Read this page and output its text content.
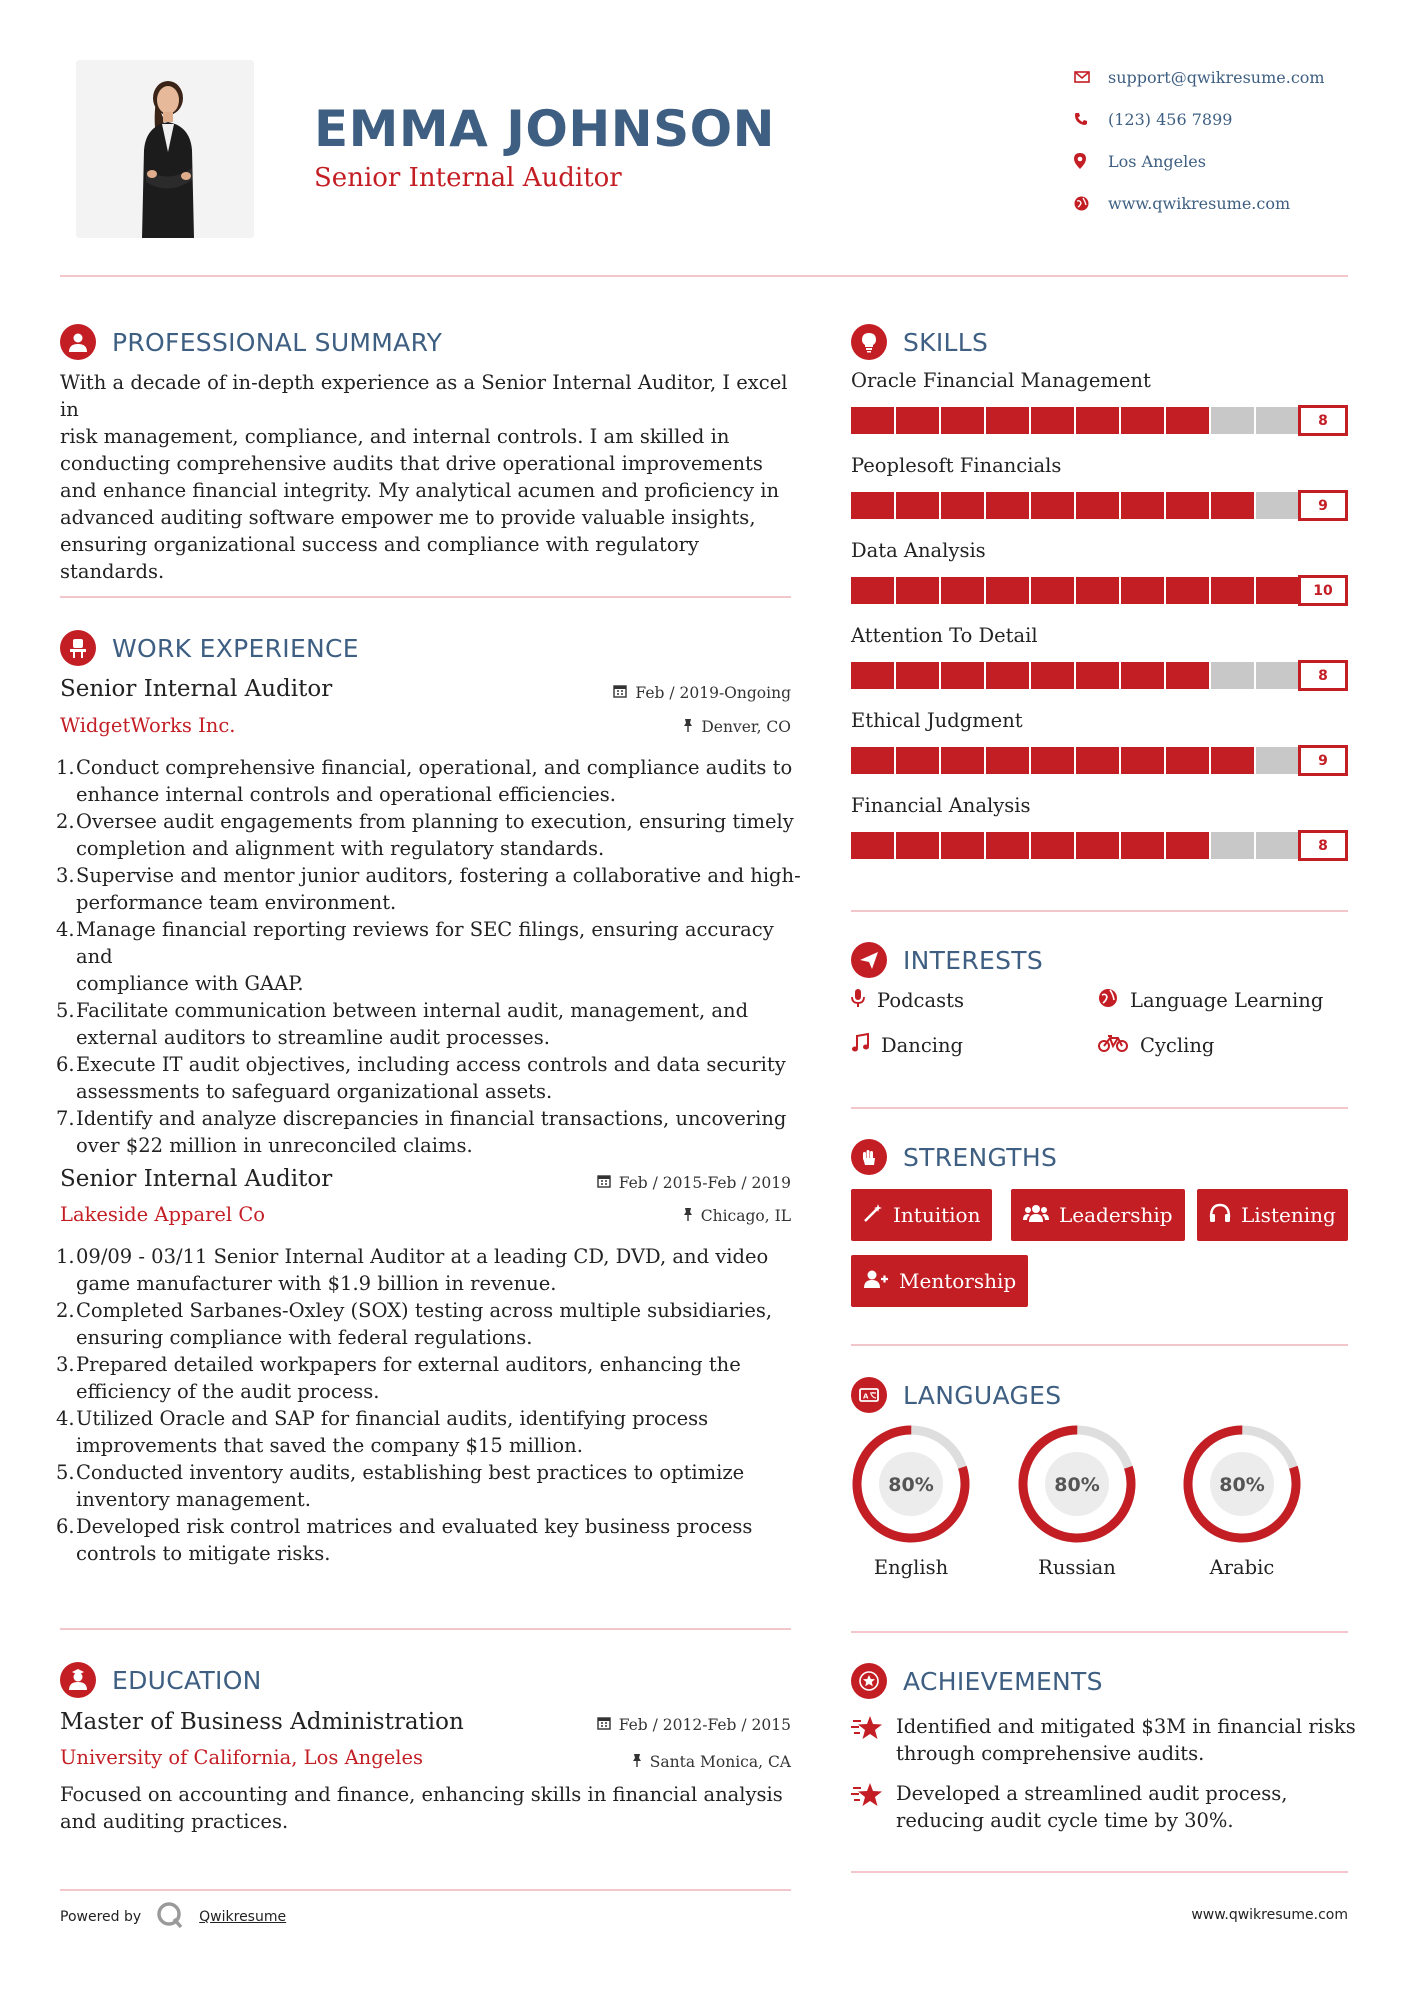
EMMA JOHNSON
Senior Internal Auditor
support@qwikresume.com
(123) 456 7899
Los Angeles
www.qwikresume.com
PROFESSIONAL SUMMARY
With a decade of in-depth experience as a Senior Internal Auditor, I excel in
risk management, compliance, and internal controls. I am skilled in
conducting comprehensive audits that drive operational improvements
and enhance financial integrity. My analytical acumen and proficiency in
advanced auditing software empower me to provide valuable insights,
ensuring organizational success and compliance with regulatory
standards.
WORK EXPERIENCE
Senior Internal Auditor	Feb / 2019-Ongoing
WidgetWorks Inc.	Denver, CO
1. Conduct comprehensive financial, operational, and compliance audits to
enhance internal controls and operational efficiencies.
2. Oversee audit engagements from planning to execution, ensuring timely
completion and alignment with regulatory standards.
3. Supervise and mentor junior auditors, fostering a collaborative and high-
performance team environment.
4. Manage financial reporting reviews for SEC filings, ensuring accuracy and
compliance with GAAP.
5. Facilitate communication between internal audit, management, and
external auditors to streamline audit processes.
6. Execute IT audit objectives, including access controls and data security
assessments to safeguard organizational assets.
7. Identify and analyze discrepancies in financial transactions, uncovering
over $22 million in unreconciled claims.
Senior Internal Auditor	Feb / 2015-Feb / 2019
Lakeside Apparel Co	Chicago, IL
1. 09/09 - 03/11 Senior Internal Auditor at a leading CD, DVD, and video
game manufacturer with $1.9 billion in revenue.
2. Completed Sarbanes-Oxley (SOX) testing across multiple subsidiaries,
ensuring compliance with federal regulations.
3. Prepared detailed workpapers for external auditors, enhancing the
efficiency of the audit process.
4. Utilized Oracle and SAP for financial audits, identifying process
improvements that saved the company $15 million.
5. Conducted inventory audits, establishing best practices to optimize
inventory management.
6. Developed risk control matrices and evaluated key business process
controls to mitigate risks.
EDUCATION
Master of Business Administration	Feb / 2012-Feb / 2015
University of California, Los Angeles	Santa Monica, CA
Focused on accounting and finance, enhancing skills in financial analysis
and auditing practices.
SKILLS
Oracle Financial Management
8
Peoplesoft Financials
9
Data Analysis
10
Attention To Detail
8
Ethical Judgment
9
Financial Analysis
8
INTERESTS
Podcasts	Language Learning
Dancing	Cycling
STRENGTHS
Intuition	Leadership	Listening
Mentorship
A LANGUAGES
80%
English
80%
Russian
80%
Arabic
ACHIEVEMENTS
Identified and mitigated $3M in financial risks
through comprehensive audits.
Developed a streamlined audit process,
reducing audit cycle time by 30%.
Powered by	Qwikresume	www.qwikresume.com
